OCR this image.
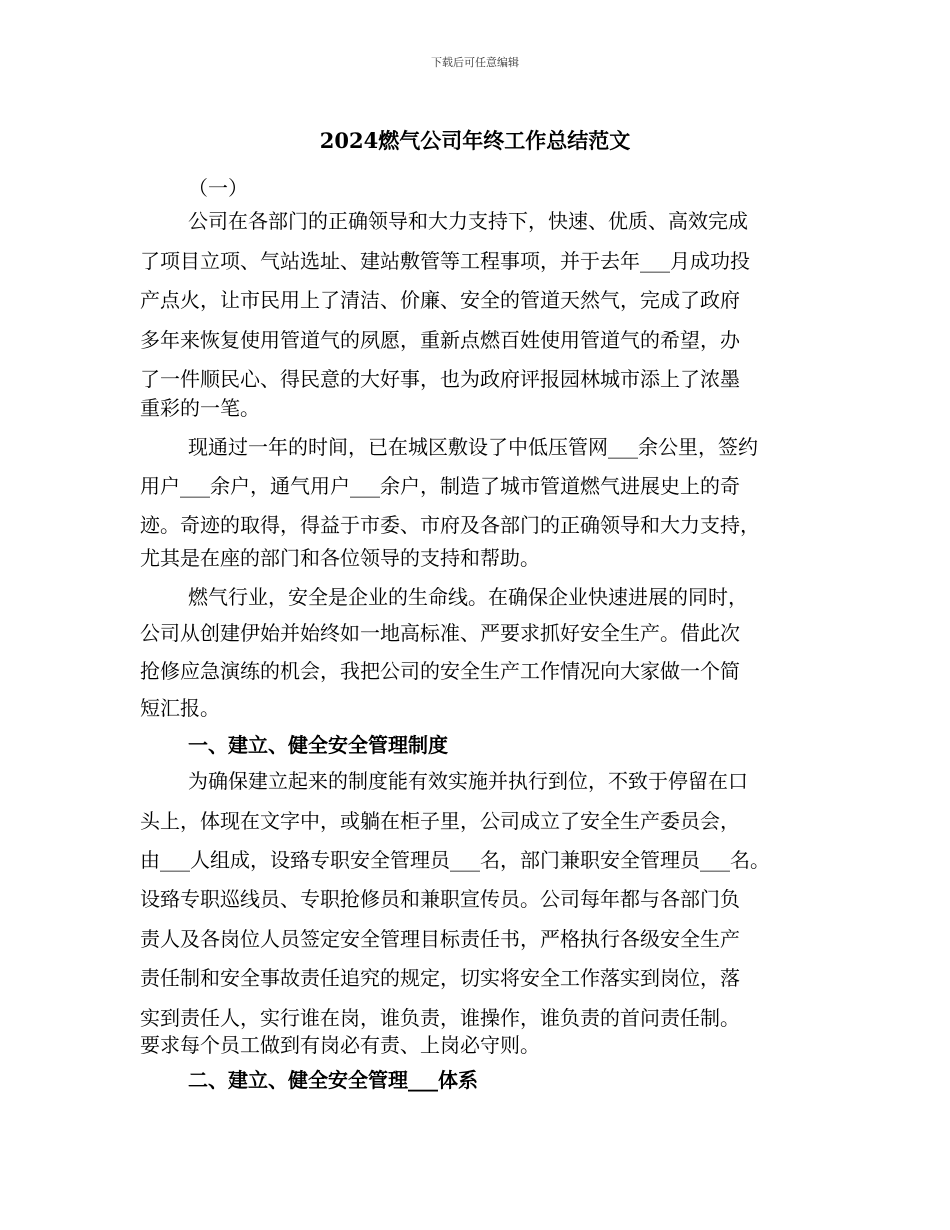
下载后可任意编辑
2024燃气公司年终工作总结范文
（一）
公司在各部门的正确领导和大力支持下，快速、优质、高效完成
了项目立项、气站选址、建站敷管等工程事项，并于去年 ___ 月成功投
产点火，让市民用上了清洁、价廉、安全的管道天然气，完成了政府
多年来恢复使用管道气的夙愿，重新点燃百姓使用管道气的希望，办
了一件顺民心、得民意的大好事，也为政府评报园林城市添上了浓墨
重彩的一笔。
现通过一年的时间，已在城区敷设了中低压管网 ___ 余公里，签约
用户 ___ 余户，通气用户 ___ 余户，制造了城市管道燃气进展史上的奇
迹。奇迹的取得，得益于市委、市府及各部门的正确领导和大力支持，
尤其是在座的部门和各位领导的支持和帮助。
燃气行业，安全是企业的生命线。在确保企业快速进展的同时，
公司从创建伊始并始终如一地高标准、严要求抓好安全生产。借此次
抢修应急演练的机会，我把公司的安全生产工作情况向大家做一个简
短汇报。
一、建立、健全安全管理制度
为确保建立起来的制度能有效实施并执行到位，不致于停留在口
头上，体现在文字中，或躺在柜子里，公司成立了安全生产委员会，
由 ___ 人组成，设臵专职安全管理员 ___ 名，部门兼职安全管理员 ___ 名。
设臵专职巡线员、专职抢修员和兼职宣传员。公司每年都与各部门负
责人及各岗位人员签定安全管理目标责任书，严格执行各级安全生产
责任制和安全事故责任追究的规定，切实将安全工作落实到岗位，落
实到责任人，实行谁在岗，谁负责，谁操作，谁负责的首问责任制。
要求每个员工做到有岗必有责、上岗必守则。
二、建立、健全安全管理 ___ 体系
